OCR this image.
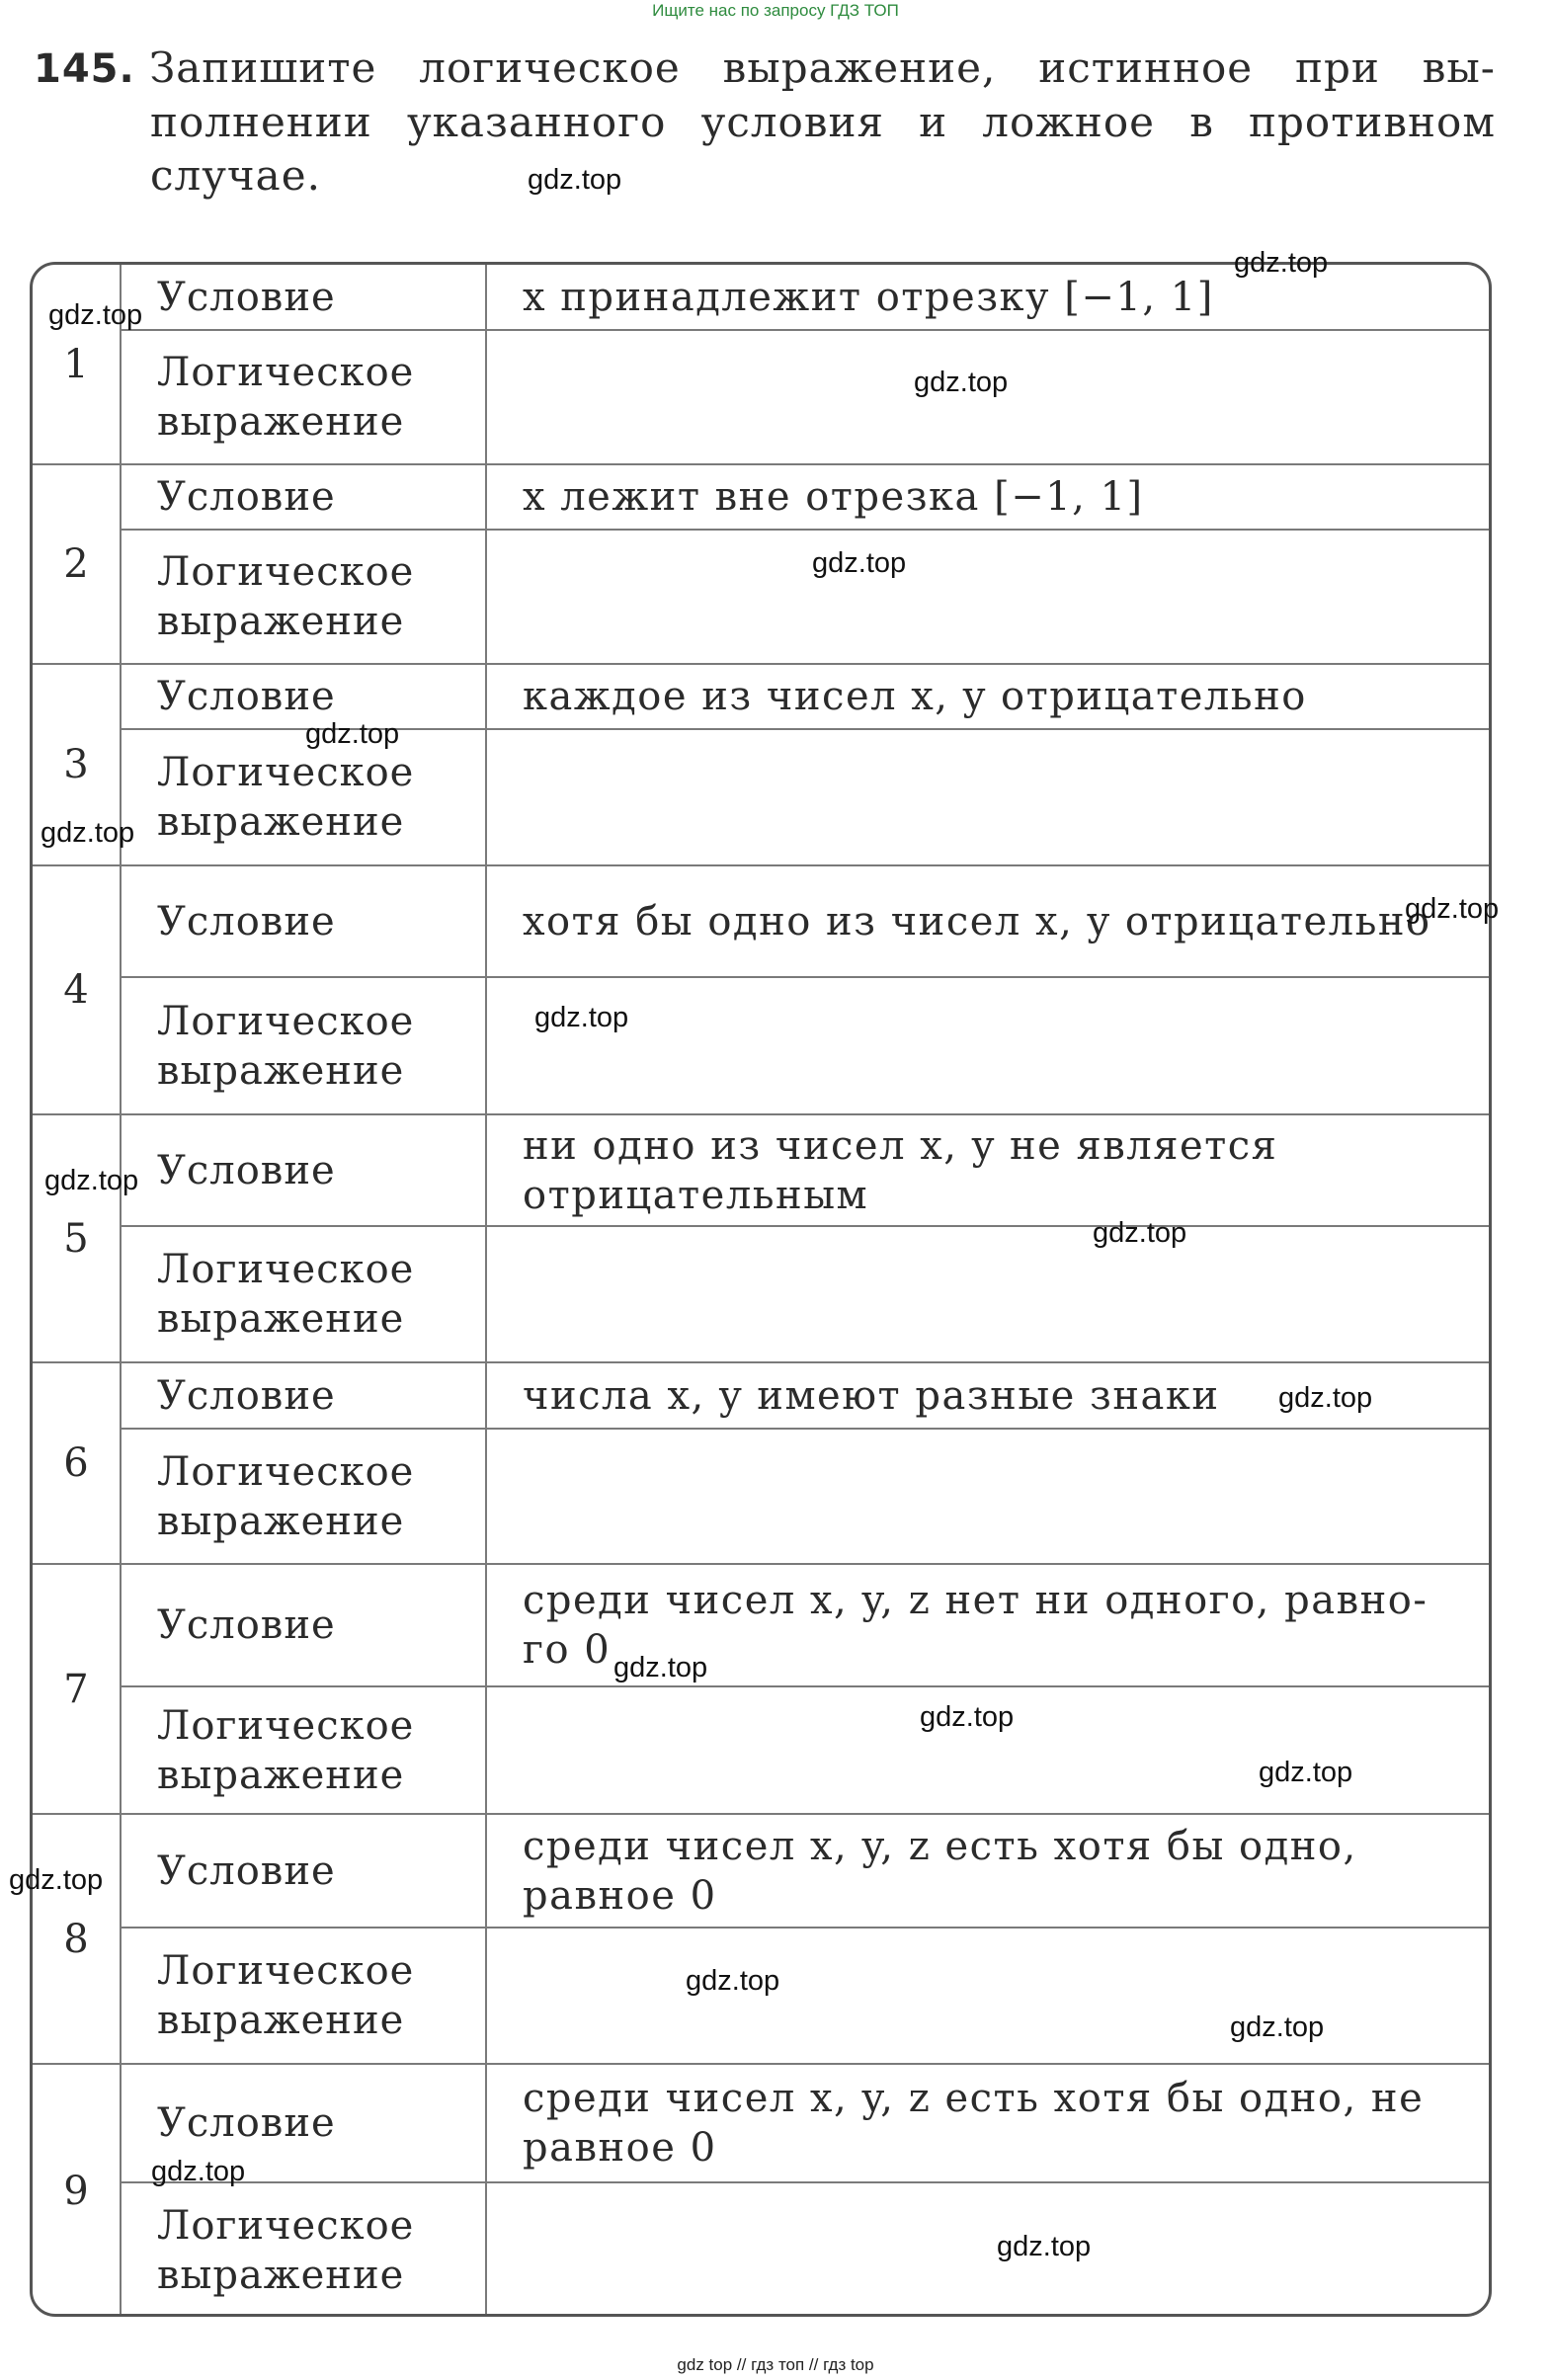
Ищите нас по запросу ГДЗ ТОП
145. Запишите логическое выражение, истинное при вы-
полнении указанного условия и ложное в противном
случае.
1	Условие	x принадлежит отрезку [−1, 1]
	Логическое выражение	
2	Условие	x лежит вне отрезка [−1, 1]
	Логическое выражение	
3	Условие	каждое из чисел x, y отрицательно
	Логическое выражение	
4	Условие	хотя бы одно из чисел x, y отрицательно
	Логическое выражение	
5	Условие	ни одно из чисел x, y не является отрицательным
	Логическое выражение	
6	Условие	числа x, y имеют разные знаки
	Логическое выражение	
7	Условие	среди чисел x, y, z нет ни одного, равно-го 0
	Логическое выражение	
8	Условие	среди чисел x, y, z есть хотя бы одно, равное 0
	Логическое выражение	
9	Условие	среди чисел x, y, z есть хотя бы одно, не равное 0
	Логическое выражение	
gdz.top
gdz.top
gdz.top
gdz.top
gdz.top
gdz.top
gdz.top
gdz.top
gdz.top
gdz.top
gdz.top
gdz.top
gdz.top
gdz.top
gdz.top
gdz.top
gdz.top
gdz.top
gdz.top
gdz.top
gdz top // гдз топ // гдз top
